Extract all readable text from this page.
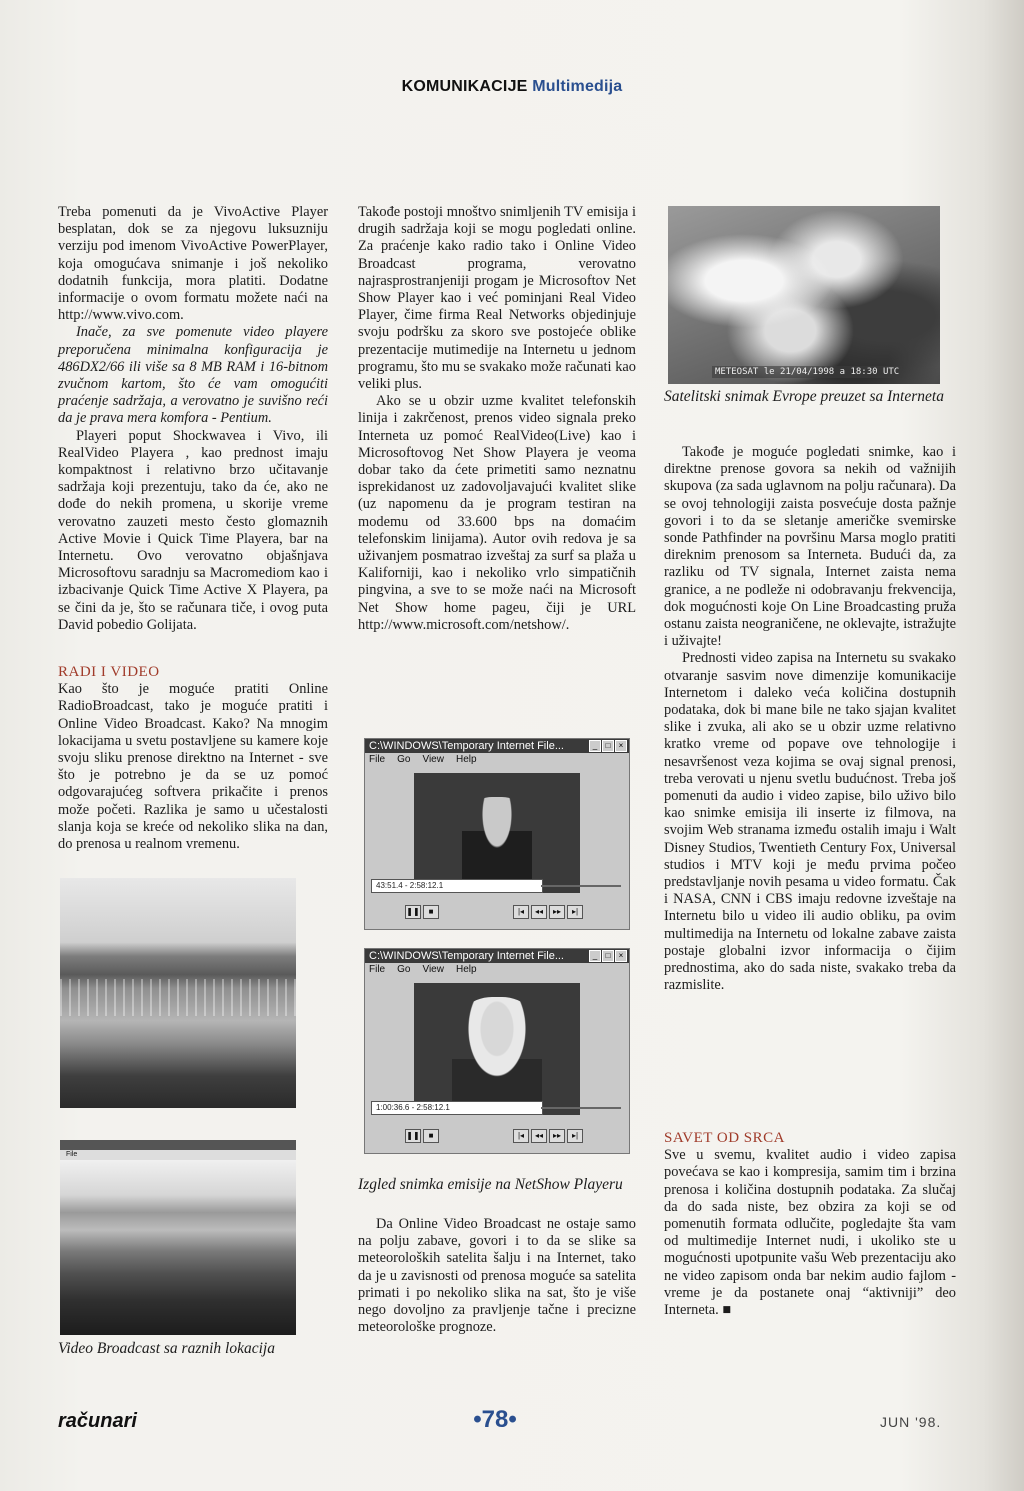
KOMUNIKACIJE Multimedija

Treba pomenuti da je VivoActive Player besplatan, dok se za njegovu luksuzniju verziju pod imenom VivoActive PowerPlayer, koja omogućava snimanje i još nekoliko dodatnih funkcija, mora platiti. Dodatne informacije o ovom formatu možete naći na http://www.vivo.com.

Inače, za sve pomenute video playere preporučena minimalna konfiguracija je 486DX2/66 ili više sa 8 MB RAM i 16-bitnom zvučnom kartom, što će vam omogućiti praćenje sadržaja, a verovatno je suvišno reći da je prava mera komfora - Pentium.

Playeri poput Shockwavea i Vivo, ili RealVideo Playera , kao prednost imaju kompaktnost i relativno brzo učitavanje sadržaja koji prezentuju, tako da će, ako ne dođe do nekih promena, u skorije vreme verovatno zauzeti mesto često glomaznih Active Movie i Quick Time Playera, bar na Internetu. Ovo verovatno objašnjava Microsoftovu saradnju sa Macromediom kao i izbacivanje Quick Time Active X Playera, pa se čini da je, što se računara tiče, i ovog puta David pobedio Golijata.

RADI I VIDEO

Kao što je moguće pratiti Online RadioBroadcast, tako je moguće pratiti i Online Video Broadcast. Kako? Na mnogim lokacijama u svetu postavljene su kamere koje svoju sliku prenose direktno na Internet - sve što je potrebno je da se uz pomoć odgovarajućeg softvera prikačite i prenos može početi. Razlika je samo u učestalosti slanja koja se kreće od nekoliko slika na dan, do prenosa u realnom vremenu.

File
Video Broadcast sa raznih lokacija

Takođe postoji mnoštvo snimljenih TV emisija i drugih sadržaja koji se mogu pogledati online. Za praćenje kako radio tako i Online Video Broadcast programa, verovatno najrasprostranjeniji progam je Microsoftov Net Show Player kao i već pominjani Real Video Player, čime firma Real Networks objedinjuje svoju podršku za skoro sve postojeće oblike prezentacije mutimedije na Internetu u jednom programu, što mu se svakako može računati kao veliki plus.

Ako se u obzir uzme kvalitet telefonskih linija i zakrčenost, prenos video signala preko Interneta uz pomoć RealVideo(Live) kao i Microsoftovog Net Show Playera je veoma dobar tako da ćete primetiti samo neznatnu isprekidanost uz zadovoljavajući kvalitet slike (uz napomenu da je program testiran na modemu od 33.600 bps na domaćim telefonskim linijama). Autor ovih redova je sa uživanjem posmatrao izveštaj za surf sa plaža u Kaliforniji, kao i nekoliko vrlo simpatičnih pingvina, a sve to se može naći na Microsoft Net Show home pageu, čiji je URL http://www.microsoft.com/netshow/.

C:\WINDOWS\Temporary Internet File...	_	□	×
File Go View Help
43:51.4 - 2:58:12.1
❚❚	■	|◂	◂◂	▸▸	▸|
C:\WINDOWS\Temporary Internet File...	_	□	×
File Go View Help
1:00:36.6 - 2:58:12.1
❚❚	■	|◂	◂◂	▸▸	▸|
Izgled snimka emisije na NetShow Playeru

Da Online Video Broadcast ne ostaje samo na polju zabave, govori i to da se slike sa meteoroloških satelita šalju i na Internet, tako da je u zavisnosti od prenosa moguće sa satelita primati i po nekoliko slika na sat, što je više nego dovoljno za pravljenje tačne i precizne meteorološke prognoze.

METEOSAT le 21/04/1998 a 18:30 UTC
Satelitski snimak Evrope preuzet sa Interneta

Takođe je moguće pogledati snimke, kao i direktne prenose govora sa nekih od važnijih skupova (za sada uglavnom na polju računara). Da se ovoj tehnologiji zaista posvećuje dosta pažnje govori i to da se sletanje američke svemirske sonde Pathfinder na površinu Marsa moglo pratiti direknim prenosom sa Interneta. Budući da, za razliku od TV signala, Internet zaista nema granice, a ne podleže ni odobravanju frekvencija, dok mogućnosti koje On Line Broadcasting pruža ostanu zaista neograničene, ne oklevajte, istražujte i uživajte!

Prednosti video zapisa na Internetu su svakako otvaranje sasvim nove dimenzije komunikacije Internetom i daleko veća količina dostupnih podataka, dok bi mane bile ne tako sjajan kvalitet slike i zvuka, ali ako se u obzir uzme relativno kratko vreme od popave ove tehnologije i nesavršenost veza kojima se ovaj signal prenosi, treba verovati u njenu svetlu budućnost. Treba još pomenuti da audio i video zapise, bilo uživo bilo kao snimke emisija ili inserte iz filmova, na svojim Web stranama između ostalih imaju i Walt Disney Studios, Twentieth Century Fox, Universal studios i MTV koji je među prvima počeo predstavljanje novih pesama u video formatu. Čak i NASA, CNN i CBS imaju redovne izveštaje na Internetu bilo u video ili audio obliku, pa ovim multimedija na Internetu od lokalne zabave zaista postaje globalni izvor informacija o čijim prednostima, ako do sada niste, svakako treba da razmislite.

SAVET OD SRCA

Sve u svemu, kvalitet audio i video zapisa povećava se kao i kompresija, samim tim i brzina prenosa i količina dostupnih podataka. Za slučaj da do sada niste, bez obzira za koji se od pomenutih formata odlučite, pogledajte šta vam od multimedije Internet nudi, i ukoliko ste u mogućnosti upotpunite vašu Web prezentaciju ako ne video zapisom onda bar nekim audio fajlom - vreme je da postanete onaj “aktivniji” deo Interneta. ■

računari	•78•	JUN '98.
